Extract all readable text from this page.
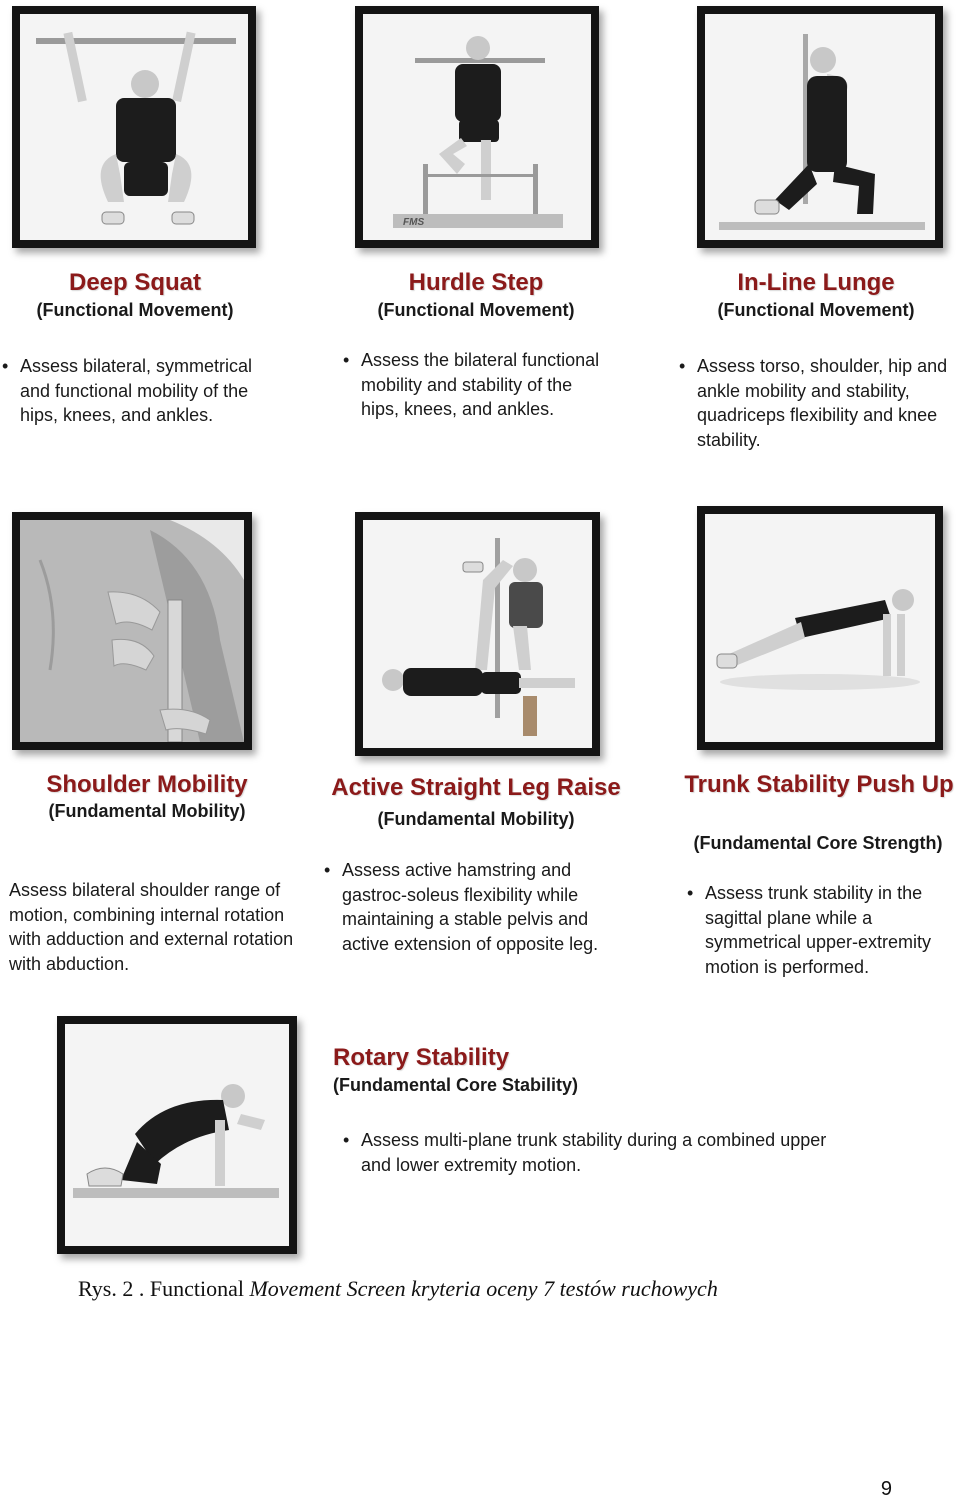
FMS
Deep Squat

(Functional Movement)

• Assess bilateral, symmetrical and functional mobility of the hips, knees, and ankles.

Hurdle Step

(Functional Movement)

• Assess the bilateral functional mobility and stability of the hips, knees, and ankles.

In-Line Lunge

(Functional Movement)

• Assess torso, shoulder, hip and ankle mobility and stability, quadriceps flexibility and knee stability.

Shoulder Mobility

(Fundamental Mobility)

Assess bilateral shoulder range of motion, combining internal rotation with adduction and external rotation with abduction.

Active Straight Leg Raise

(Fundamental Mobility)

• Assess active hamstring and gastroc-soleus flexibility while maintaining a stable pelvis and active extension of opposite leg.

Trunk Stability Push Up

(Fundamental Core Strength)

• Assess trunk stability in the sagittal plane while a symmetrical upper-extremity motion is performed.

Rotary Stability

(Fundamental Core Stability)

• Assess multi-plane trunk stability during a combined upper and lower extremity motion.

Rys. 2 . Functional Movement Screen kryteria oceny 7 testów ruchowych

9
